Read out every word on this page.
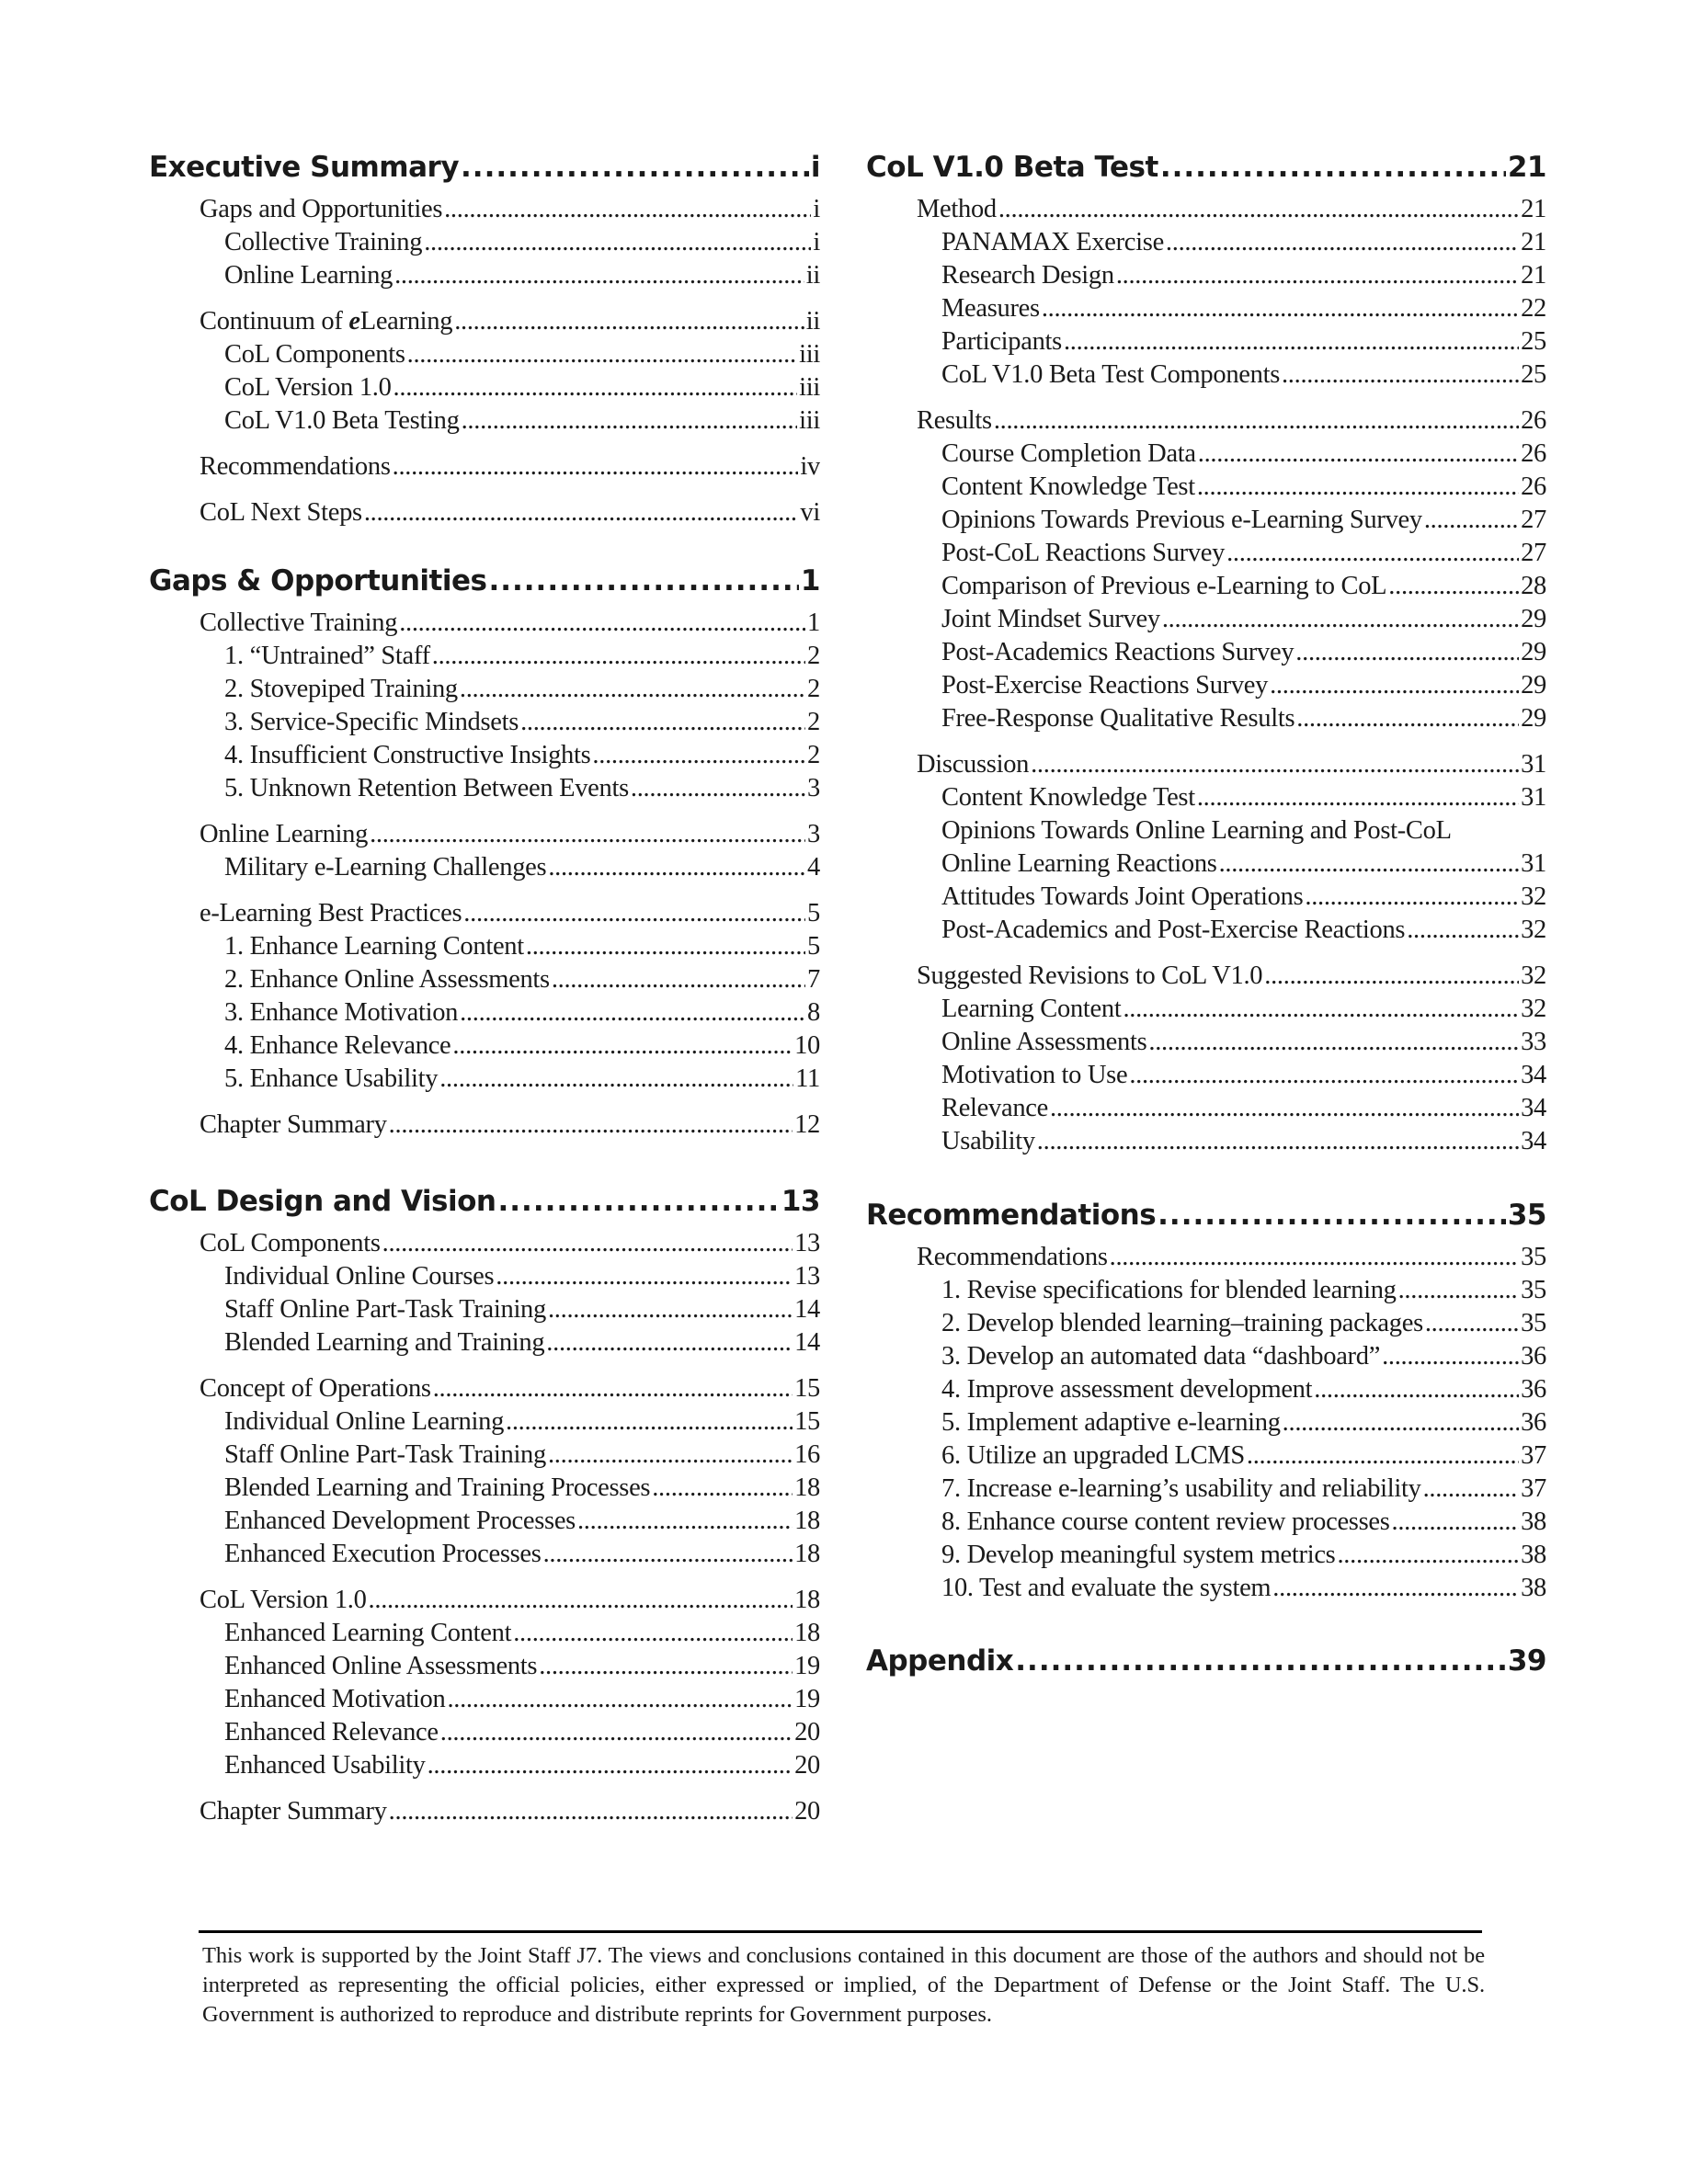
Executive Summary .....	i
Gaps and Opportunities .....	i
Collective Training .....	i
Online Learning .....	ii
Continuum of eLearning .....	ii
CoL Components .....	iii
CoL Version 1.0 .....	iii
CoL V1.0 Beta Testing .....	iii
Recommendations .....	iv
CoL Next Steps .....	vi
Gaps & Opportunities .....	1
Collective Training .....	1
1. “Untrained” Staff .....	2
2. Stovepiped Training .....	2
3. Service-Specific Mindsets .....	2
4. Insufficient Constructive Insights .....	2
5. Unknown Retention Between Events .....	3
Online Learning .....	3
Military e-Learning Challenges .....	4
e-Learning Best Practices .....	5
1. Enhance Learning Content .....	5
2. Enhance Online Assessments .....	7
3. Enhance Motivation .....	8
4. Enhance Relevance .....	10
5. Enhance Usability .....	11
Chapter Summary .....	12
CoL Design and Vision .....	13
CoL Components .....	13
Individual Online Courses .....	13
Staff Online Part-Task Training .....	14
Blended Learning and Training .....	14
Concept of Operations .....	15
Individual Online Learning .....	15
Staff Online Part-Task Training .....	16
Blended Learning and Training Processes .....	18
Enhanced Development Processes .....	18
Enhanced Execution Processes .....	18
CoL Version 1.0 .....	18
Enhanced Learning Content .....	18
Enhanced Online Assessments .....	19
Enhanced Motivation .....	19
Enhanced Relevance .....	20
Enhanced Usability .....	20
Chapter Summary .....	20
CoL V1.0 Beta Test .....	21
Method .....	21
PANAMAX Exercise .....	21
Research Design .....	21
Measures .....	22
Participants .....	25
CoL V1.0 Beta Test Components .....	25
Results .....	26
Course Completion Data .....	26
Content Knowledge Test .....	26
Opinions Towards Previous e-Learning Survey .....	27
Post-CoL Reactions Survey .....	27
Comparison of Previous e-Learning to CoL .....	28
Joint Mindset Survey .....	29
Post-Academics Reactions Survey .....	29
Post-Exercise Reactions Survey .....	29
Free-Response Qualitative Results .....	29
Discussion .....	31
Content Knowledge Test .....	31
Opinions Towards Online Learning and Post-CoL
Online Learning Reactions .....	31
Attitudes Towards Joint Operations .....	32
Post-Academics and Post-Exercise Reactions .....	32
Suggested Revisions to CoL V1.0 .....	32
Learning Content .....	32
Online Assessments .....	33
Motivation to Use .....	34
Relevance .....	34
Usability .....	34
Recommendations .....	35
Recommendations .....	35
1. Revise specifications for blended learning .....	35
2. Develop blended learning–training packages .....	35
3. Develop an automated data “dashboard” .....	36
4. Improve assessment development .....	36
5. Implement adaptive e-learning .....	36
6. Utilize an upgraded LCMS .....	37
7. Increase e-learning’s usability and reliability .....	37
8. Enhance course content review processes .....	38
9. Develop meaningful system metrics .....	38
10. Test and evaluate the system .....	38
Appendix .....	39
This work is supported by the Joint Staff J7. The views and conclusions contained in this document are those of the authors and should not be interpreted as representing the official policies, either expressed or implied, of the Department of Defense or the Joint Staff. The U.S. Government is authorized to reproduce and distribute reprints for Government purposes.
